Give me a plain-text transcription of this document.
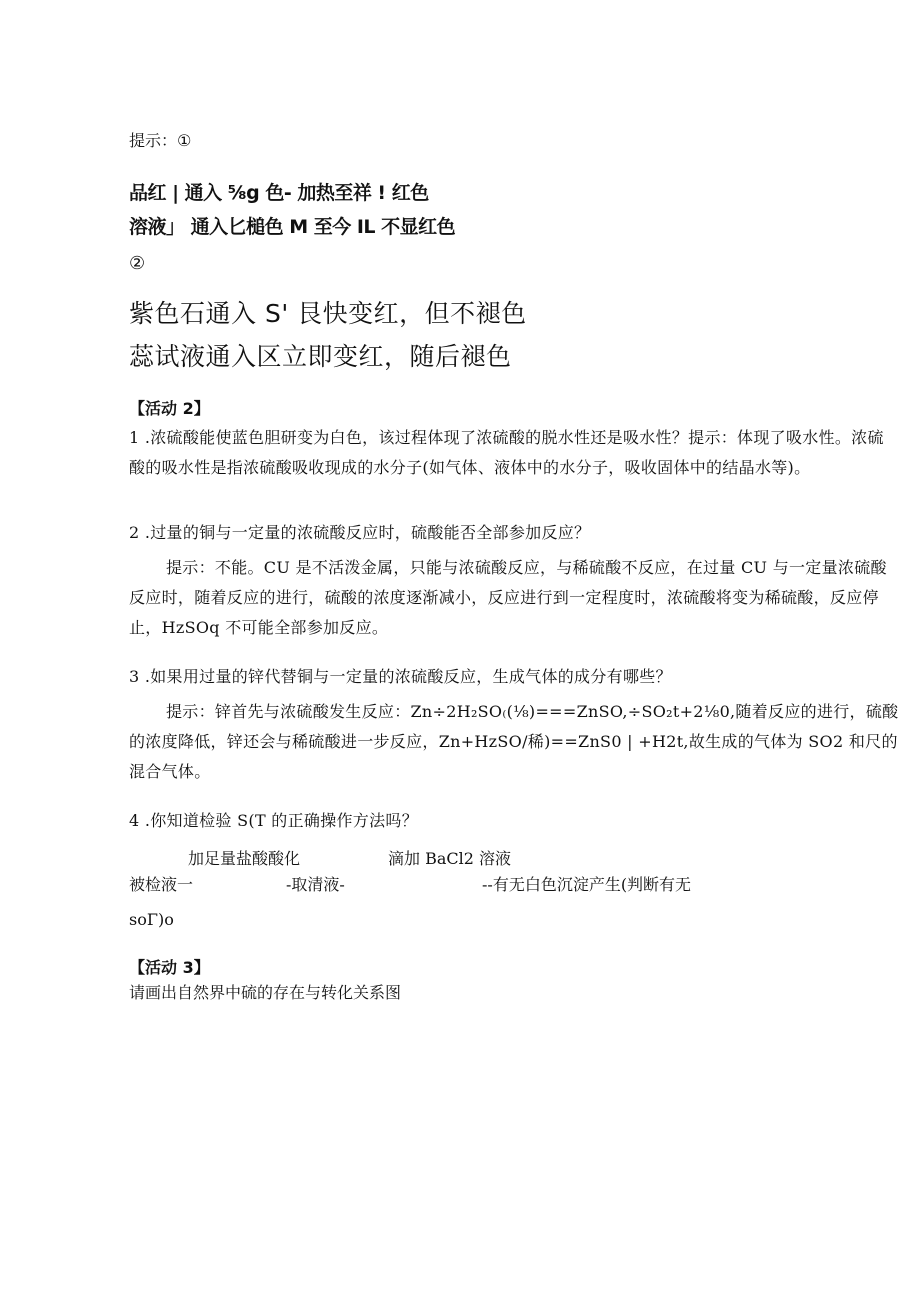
提示：①
品红 | 通入 ⁵⁄₈g 色- 加热至祥 ! 红色
溶液」 通入匕槌色 M 至今 IL 不显红色
②
紫色石通入 S' 艮快变红，但不褪色
蕊试液通入区立即变红，随后褪色
【活动 2】
1 .浓硫酸能使蓝色胆研变为白色，该过程体现了浓硫酸的脱水性还是吸水性？提示：体现了吸水性。浓硫酸的吸水性是指浓硫酸吸收现成的水分子(如气体、液体中的水分子，吸收固体中的结晶水等)。
2 .过量的铜与一定量的浓硫酸反应时，硫酸能否全部参加反应？
提示：不能。CU 是不活泼金属，只能与浓硫酸反应，与稀硫酸不反应，在过量 CU 与一定量浓硫酸反应时，随着反应的进行，硫酸的浓度逐渐减小，反应进行到一定程度时，浓硫酸将变为稀硫酸，反应停止，HzSOq 不可能全部参加反应。
3 .如果用过量的锌代替铜与一定量的浓硫酸反应，生成气体的成分有哪些？
提示：锌首先与浓硫酸发生反应：Zn÷2H₂SO₍(⅛)===ZnSO,÷SO₂t+2⅛0,随着反应的进行，硫酸的浓度降低，锌还会与稀硫酸进一步反应，Zn+HzSO/稀)==ZnS0 | +H2t,故生成的气体为 SO2 和尺的混合气体。
4 .你知道检验 S(T 的正确操作方法吗？
加足量盐酸酸化	滴加 BaCl2 溶液
被检液一	-取清液-	--有无白色沉淀产生(判断有无
soΓ)o
【活动 3】
请画出自然界中硫的存在与转化关系图
